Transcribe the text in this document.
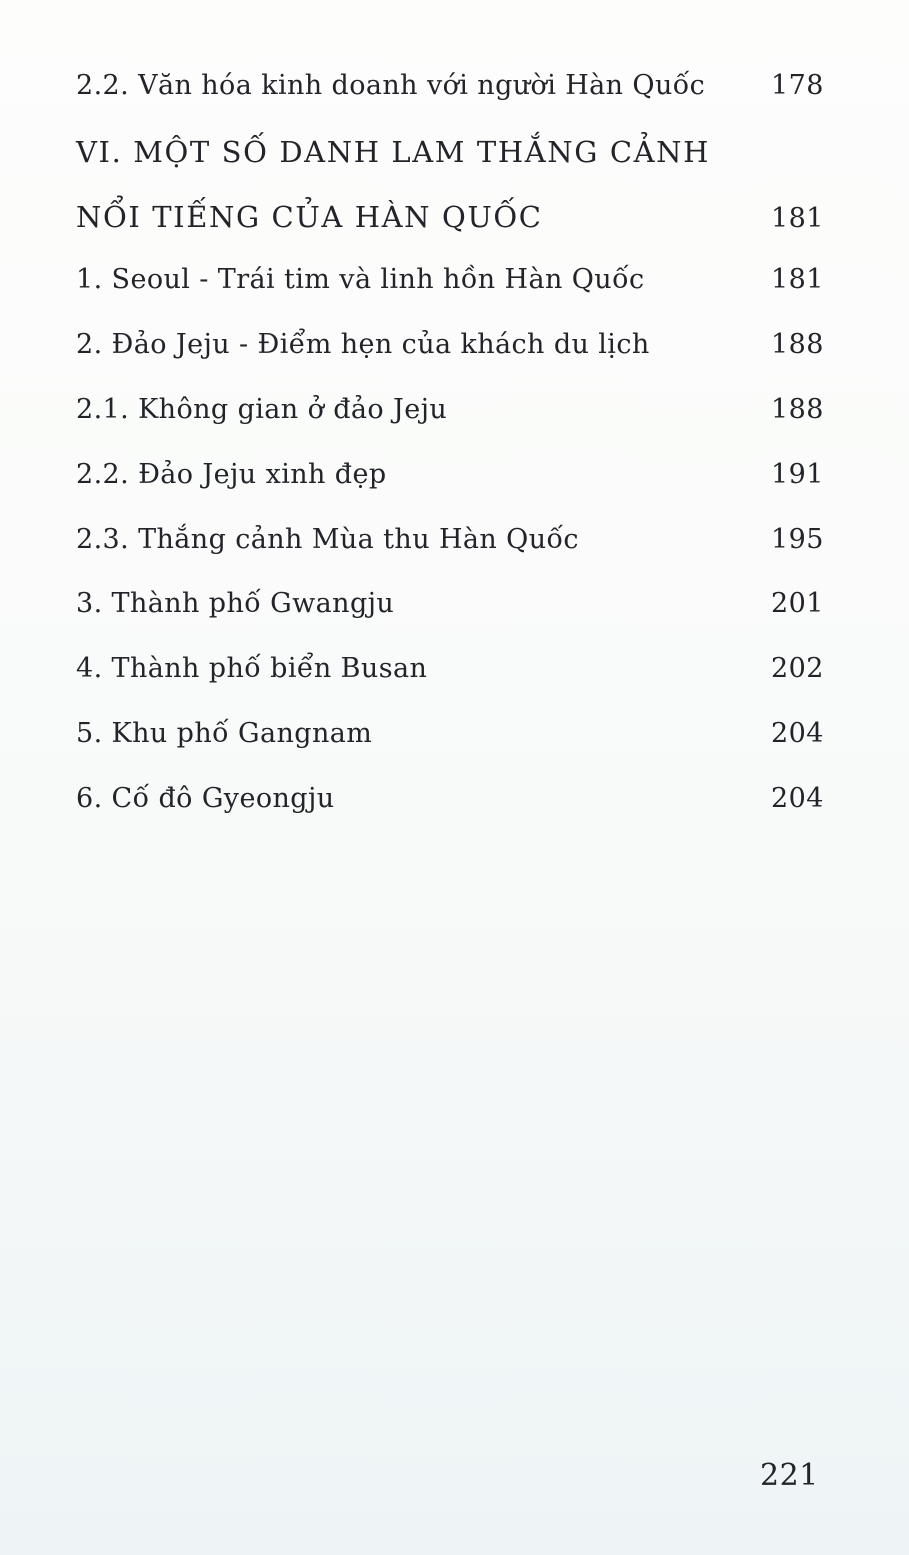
2.2. Văn hóa kinh doanh với người Hàn Quốc 178
VI. MỘT SỐ DANH LAM THẮNG CẢNH
NỔI TIẾNG CỦA HÀN QUỐC	181
1. Seoul - Trái tim và linh hồn Hàn Quốc	181
2. Đảo Jeju - Điểm hẹn của khách du lịch	188
2.1. Không gian ở đảo Jeju	188
2.2. Đảo Jeju xinh đẹp	191
2.3. Thắng cảnh Mùa thu Hàn Quốc	195
3. Thành phố Gwangju	201
4. Thành phố biển Busan	202
5. Khu phố Gangnam	204
6. Cố đô Gyeongju	204
221
